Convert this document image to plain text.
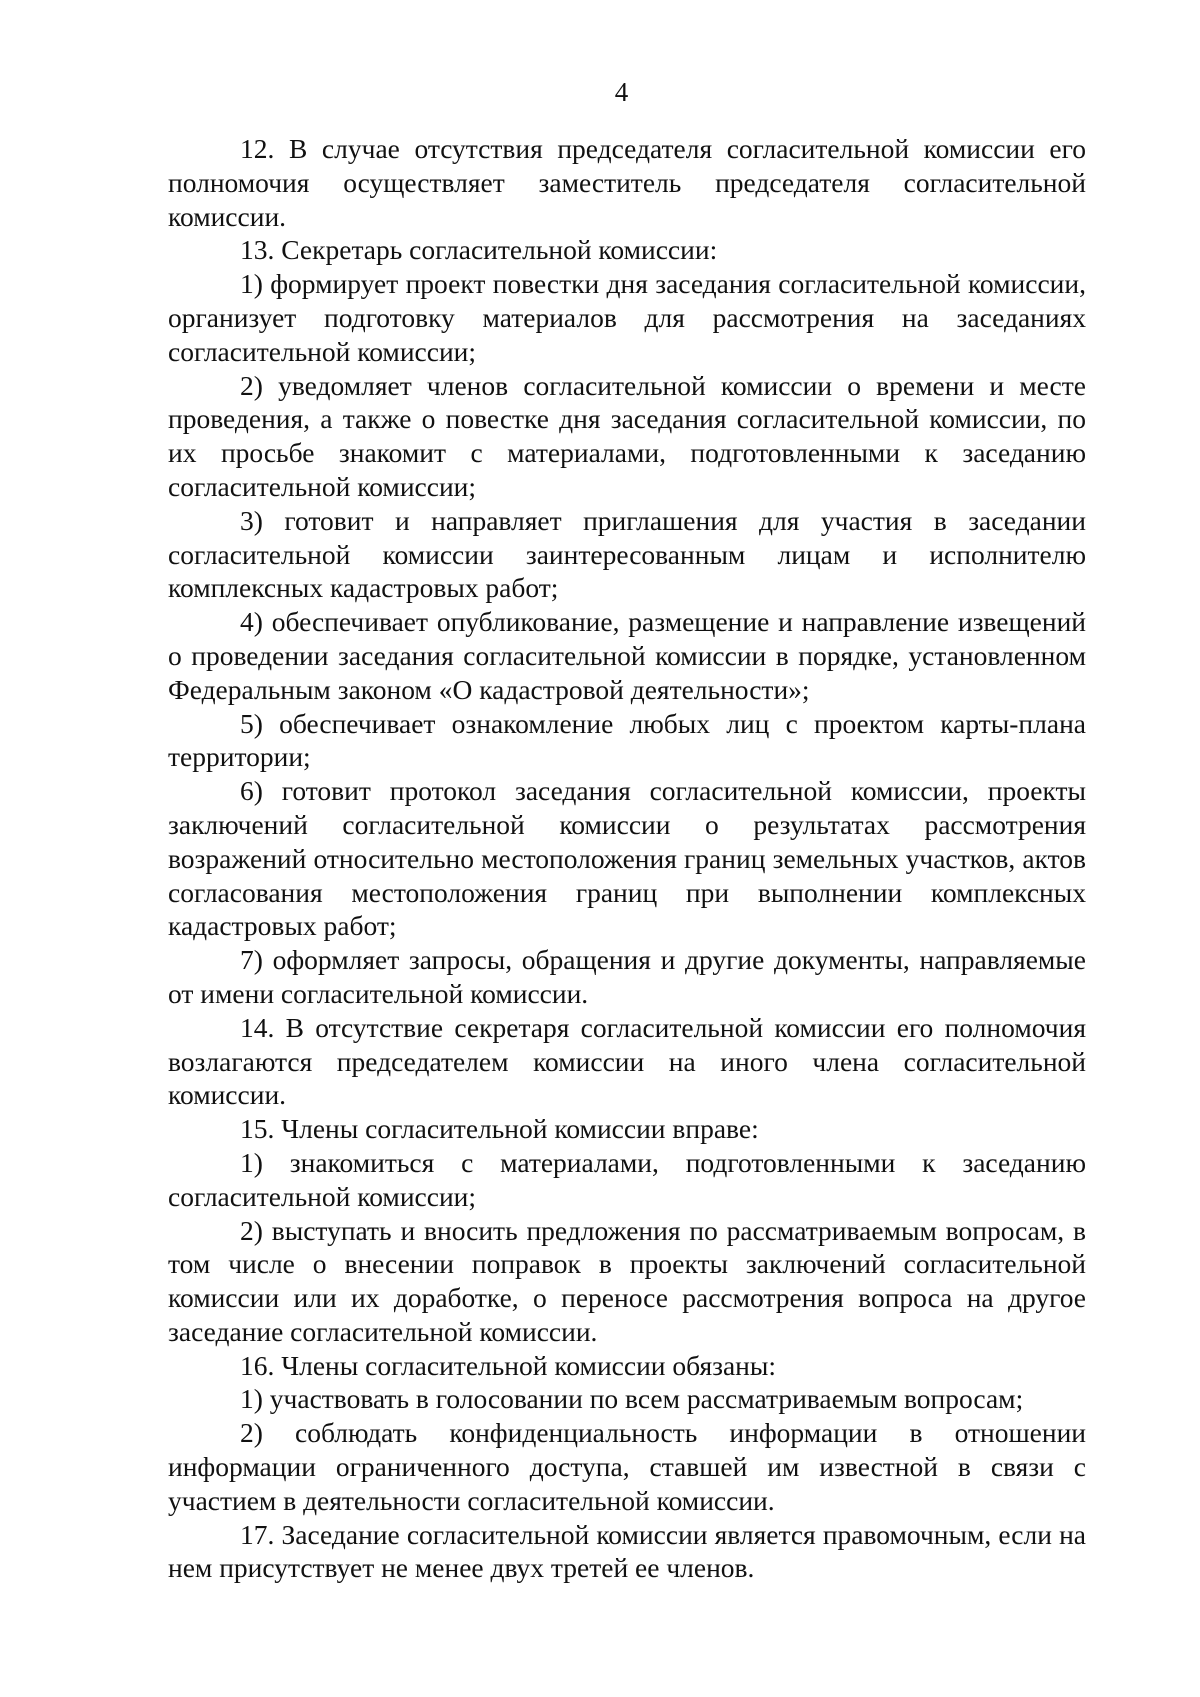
4

12. В случае отсутствия председателя согласительной комиссии его полномочия осуществляет заместитель председателя согласительной комиссии.

13. Секретарь согласительной комиссии:

1) формирует проект повестки дня заседания согласительной комиссии, организует подготовку материалов для рассмотрения на заседаниях согласительной комиссии;

2) уведомляет членов согласительной комиссии о времени и месте проведения, а также о повестке дня заседания согласительной комиссии, по их просьбе знакомит с материалами, подготовленными к заседанию согласительной комиссии;

3) готовит и направляет приглашения для участия в заседании согласительной комиссии заинтересованным лицам и исполнителю комплексных кадастровых работ;

4) обеспечивает опубликование, размещение и направление извещений о проведении заседания согласительной комиссии в порядке, установленном Федеральным законом «О кадастровой деятельности»;

5) обеспечивает ознакомление любых лиц с проектом карты-плана территории;

6) готовит протокол заседания согласительной комиссии, проекты заключений согласительной комиссии о результатах рассмотрения возражений относительно местоположения границ земельных участков, актов согласования местоположения границ при выполнении комплексных кадастровых работ;

7) оформляет запросы, обращения и другие документы, направляемые от имени согласительной комиссии.

14. В отсутствие секретаря согласительной комиссии его полномочия возлагаются председателем комиссии на иного члена согласительной комиссии.

15. Члены согласительной комиссии вправе:

1) знакомиться с материалами, подготовленными к заседанию согласительной комиссии;

2) выступать и вносить предложения по рассматриваемым вопросам, в том числе о внесении поправок в проекты заключений согласительной комиссии или их доработке, о переносе рассмотрения вопроса на другое заседание согласительной комиссии.

16. Члены согласительной комиссии обязаны:

1) участвовать в голосовании по всем рассматриваемым вопросам;

2) соблюдать конфиденциальность информации в отношении информации ограниченного доступа, ставшей им известной в связи с участием в деятельности согласительной комиссии.

17. Заседание согласительной комиссии является правомочным, если на нем присутствует не менее двух третей ее членов.
